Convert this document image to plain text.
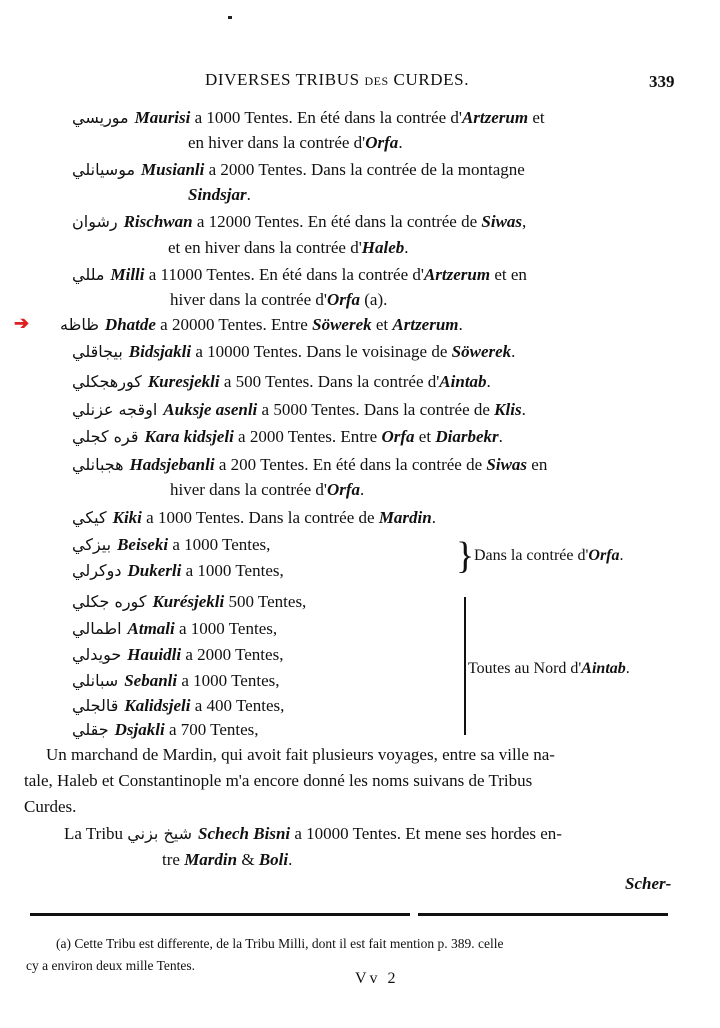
DIVERSES TRIBUS DES CURDES.	339
➔
موريسي Maurisi a 1000 Tentes. En été dans la contrée d'Artzerum et
en hiver dans la contrée d'Orfa.
موسيانلي Musianli a 2000 Tentes. Dans la contrée de la montagne
Sindsjar.
رشوان Rischwan a 12000 Tentes. En été dans la contrée de Siwas,
et en hiver dans la contrée d'Haleb.
مللي Milli a 11000 Tentes. En été dans la contrée d'Artzerum et en
hiver dans la contrée d'Orfa (a).
ظاظه Dhatde a 20000 Tentes. Entre Söwerek et Artzerum.
بيجاقلي Bidsjakli a 10000 Tentes. Dans le voisinage de Söwerek.
كورهجكلي Kuresjekli a 500 Tentes. Dans la contrée d'Aintab.
اوقجه عزنلي Auksje asenli a 5000 Tentes. Dans la contrée de Klis.
قره كجلي Kara kidsjeli a 2000 Tentes. Entre Orfa et Diarbekr.
هجبانلي Hadsjebanli a 200 Tentes. En été dans la contrée de Siwas en
hiver dans la contrée d'Orfa.
كيكي Kiki a 1000 Tentes. Dans la contrée de Mardin.
بيزكي Beiseki a 1000 Tentes,
دوكرلي Dukerli a 1000 Tentes,	} Dans la contrée d'Orfa.
كوره جكلي Kurésjekli 500 Tentes,
اطمالي Atmali a 1000 Tentes,
حويدلي Hauidli a 2000 Tentes,
سبانلي Sebanli a 1000 Tentes,
قالجلي Kalidsjeli a 400 Tentes,
جقلي Dsjakli a 700 Tentes,
Toutes au Nord d'Aintab.
Un marchand de Mardin, qui avoit fait plusieurs voyages, entre sa ville na-
tale, Haleb et Constantinople m'a encore donné les noms suivans de Tribus
Curdes.
La Tribu شيخ بزني Schech Bisni a 10000 Tentes. Et mene ses hordes en-
tre Mardin & Boli.
Scher-
(a) Cette Tribu est differente, de la Tribu Milli, dont il est fait mention p. 389. celle
cy a environ deux mille Tentes.
Vv 2
